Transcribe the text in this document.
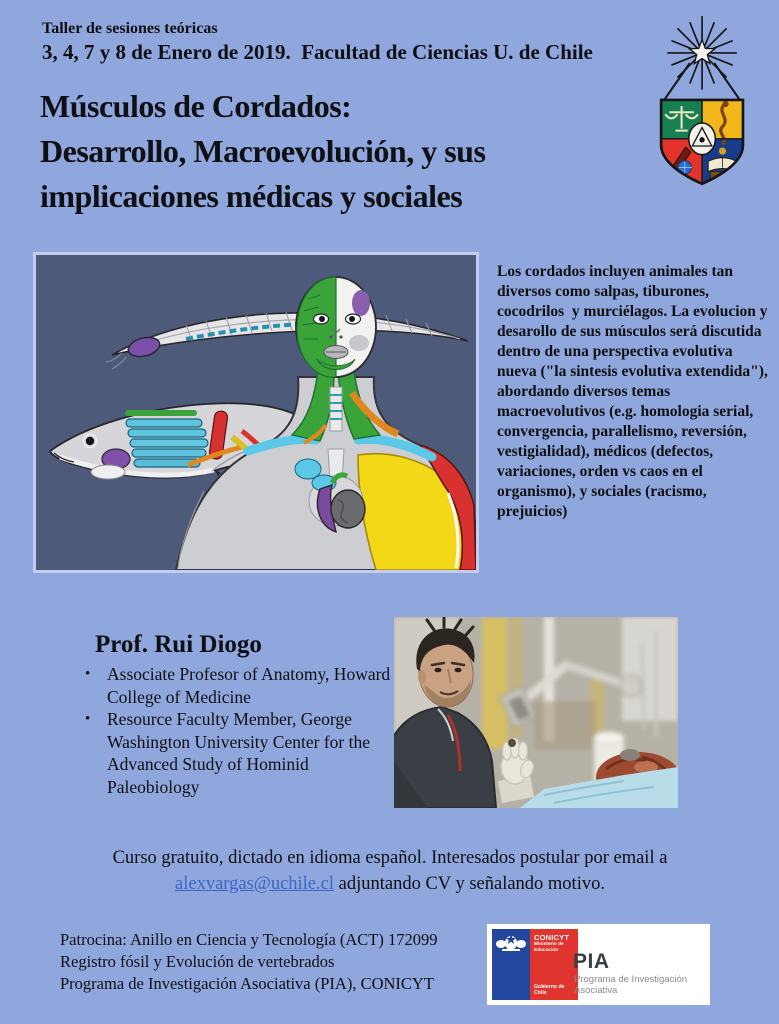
Taller de sesiones teóricas
3, 4, 7 y 8 de Enero de 2019.  Facultad de Ciencias U. de Chile
Músculos de Cordados:
Desarrollo, Macroevolución, y sus
implicaciones médicas y sociales
Los cordados incluyen animales tan diversos como salpas, tiburones, cocodrilos  y murciélagos. La evolucion y desarollo de sus músculos será discutida dentro de una perspectiva evolutiva nueva ("la sintesis evolutiva extendida"), abordando diversos temas macroevolutivos (e.g. homologia serial, convergencia, parallelismo, reversión, vestigialidad), médicos (defectos, variaciones, orden vs caos en el organismo), y sociales (racismo, prejuicios)
Prof. Rui Diogo
• Associate Profesor of Anatomy, Howard College of Medicine
• Resource Faculty Member, George Washington University Center for the Advanced Study of Hominid Paleobiology
Curso gratuito, dictado en idioma español. Interesados postular por email a alexvargas@uchile.cl adjuntando CV y señalando motivo.
Patrocina: Anillo en Ciencia y Tecnología (ACT) 172099
Registro fósil y Evolución de vertebrados
Programa de Investigación Asociativa (PIA), CONICYT
CONICYT
Ministerio de Educación
Gobierno de Chile
PIA
Programa de Investigación
Asociativa
